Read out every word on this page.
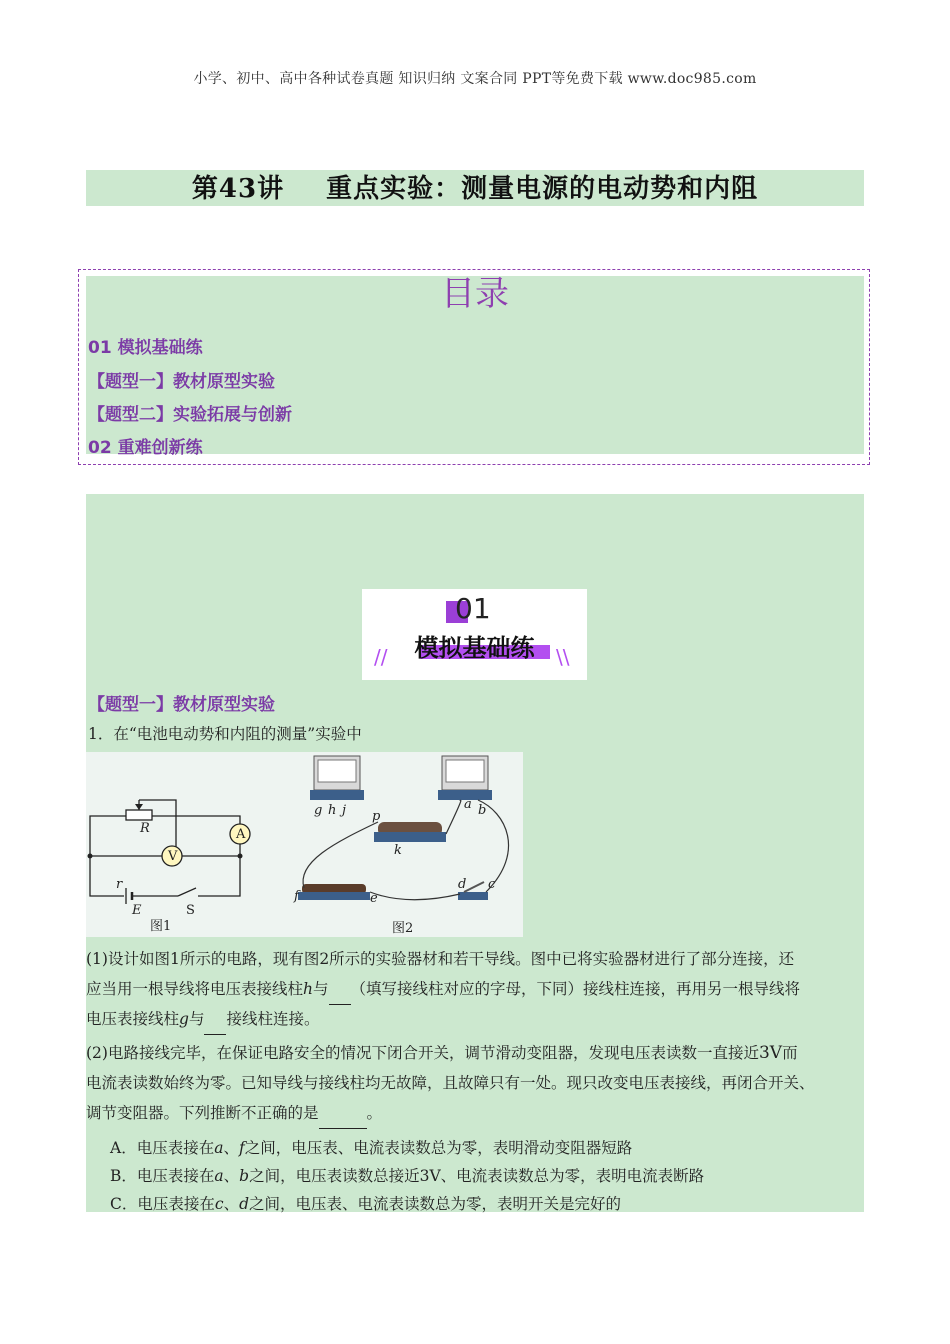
小学、初中、高中各种试卷真题 知识归纳 文案合同 PPT等免费下载 www.doc985.com
第43讲 重点实验：测量电源的电动势和内阻
目录
01 模拟基础练
【题型一】教材原型实验
【题型二】实验拓展与创新
02 重难创新练
01
模拟基础练
//	\\
【题型一】教材原型实验
1．在“电池电动势和内阻的测量”实验中
R	A
V
r
E	S
图1
g h j	a b
p
k
f	e
d c
图2
(1)设计如图1所示的电路，现有图2所示的实验器材和若干导线。图中已将实验器材进行了部分连接，还
应当用一根导线将电压表接线柱h与 （填写接线柱对应的字母，下同）接线柱连接，再用另一根导线将
电压表接线柱g与 接线柱连接。
(2)电路接线完毕，在保证电路安全的情况下闭合开关，调节滑动变阻器，发现电压表读数一直接近3V而
电流表读数始终为零。已知导线与接线柱均无故障，且故障只有一处。现只改变电压表接线，再闭合开关、
调节变阻器。下列推断不正确的是	。
A．电压表接在a、f之间，电压表、电流表读数总为零，表明滑动变阻器短路
B．电压表接在a、b之间，电压表读数总接近3V、电流表读数总为零，表明电流表断路
C．电压表接在c、d之间，电压表、电流表读数总为零，表明开关是完好的
